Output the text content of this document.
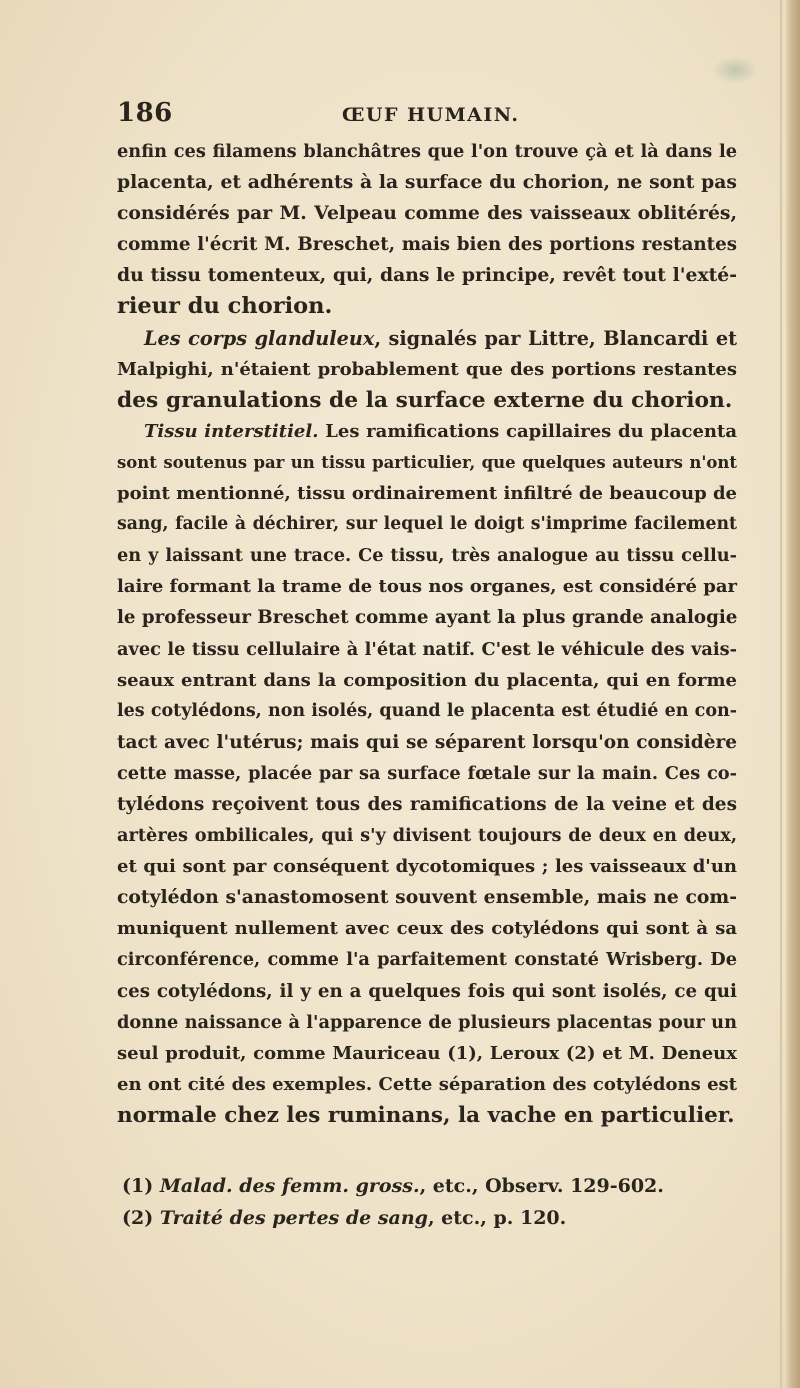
186	ŒUF HUMAIN.
enfin ces filamens blanchâtres que l'on trouve çà et là dans le
placenta, et adhérents à la surface du chorion, ne sont pas
considérés par M. Velpeau comme des vaisseaux oblitérés,
comme l'écrit M. Breschet, mais bien des portions restantes
du tissu tomenteux, qui, dans le principe, revêt tout l'exté-
rieur du chorion.
Les corps glanduleux, signalés par Littre, Blancardi et
Malpighi, n'étaient probablement que des portions restantes
des granulations de la surface externe du chorion.
Tissu interstitiel. Les ramifications capillaires du placenta
sont soutenus par un tissu particulier, que quelques auteurs n'ont
point mentionné, tissu ordinairement infiltré de beaucoup de
sang, facile à déchirer, sur lequel le doigt s'imprime facilement
en y laissant une trace. Ce tissu, très analogue au tissu cellu-
laire formant la trame de tous nos organes, est considéré par
le professeur Breschet comme ayant la plus grande analogie
avec le tissu cellulaire à l'état natif. C'est le véhicule des vais-
seaux entrant dans la composition du placenta, qui en forme
les cotylédons, non isolés, quand le placenta est étudié en con-
tact avec l'utérus; mais qui se séparent lorsqu'on considère
cette masse, placée par sa surface fœtale sur la main. Ces co-
tylédons reçoivent tous des ramifications de la veine et des
artères ombilicales, qui s'y divisent toujours de deux en deux,
et qui sont par conséquent dycotomiques ; les vaisseaux d'un
cotylédon s'anastomosent souvent ensemble, mais ne com-
muniquent nullement avec ceux des cotylédons qui sont à sa
circonférence, comme l'a parfaitement constaté Wrisberg. De
ces cotylédons, il y en a quelques fois qui sont isolés, ce qui
donne naissance à l'apparence de plusieurs placentas pour un
seul produit, comme Mauriceau (1), Leroux (2) et M. Deneux
en ont cité des exemples. Cette séparation des cotylédons est
normale chez les ruminans, la vache en particulier.
(1) Malad. des femm. gross., etc., Observ. 129-602.
(2) Traité des pertes de sang, etc., p. 120.
